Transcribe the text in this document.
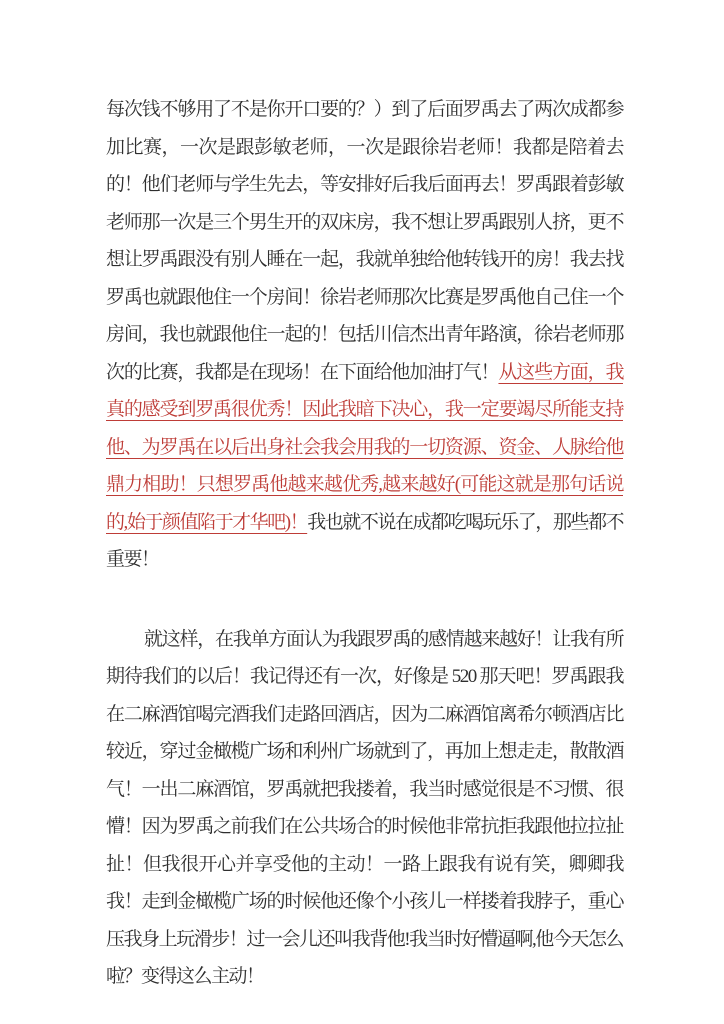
每次钱不够用了不是你开口要的？）到了后面罗禹去了两次成都参加比赛，一次是跟彭敏老师，一次是跟徐岩老师！我都是陪着去的！他们老师与学生先去，等安排好后我后面再去！罗禹跟着彭敏老师那一次是三个男生开的双床房，我不想让罗禹跟别人挤，更不想让罗禹跟没有别人睡在一起，我就单独给他转钱开的房！我去找罗禹也就跟他住一个房间！徐岩老师那次比赛是罗禹他自己住一个房间，我也就跟他住一起的！包括川信杰出青年路演，徐岩老师那次的比赛，我都是在现场！在下面给他加油打气！从这些方面，我真的感受到罗禹很优秀！因此我暗下决心，我一定要竭尽所能支持他、为罗禹在以后出身社会我会用我的一切资源、资金、人脉给他鼎力相助！只想罗禹他越来越优秀,越来越好(可能这就是那句话说的,始于颜值陷于才华吧)！我也就不说在成都吃喝玩乐了，那些都不重要！

就这样，在我单方面认为我跟罗禹的感情越来越好！让我有所期待我们的以后！我记得还有一次，好像是 520 那天吧！罗禹跟我在二麻酒馆喝完酒我们走路回酒店，因为二麻酒馆离希尔顿酒店比较近，穿过金橄榄广场和利州广场就到了，再加上想走走，散散酒气！一出二麻酒馆，罗禹就把我搂着，我当时感觉很是不习惯、很懵！因为罗禹之前我们在公共场合的时候他非常抗拒我跟他拉拉扯扯！但我很开心并享受他的主动！一路上跟我有说有笑，卿卿我我！走到金橄榄广场的时候他还像个小孩儿一样搂着我脖子，重心压我身上玩滑步！过一会儿还叫我背他!我当时好懵逼啊,他今天怎么啦？变得这么主动！
